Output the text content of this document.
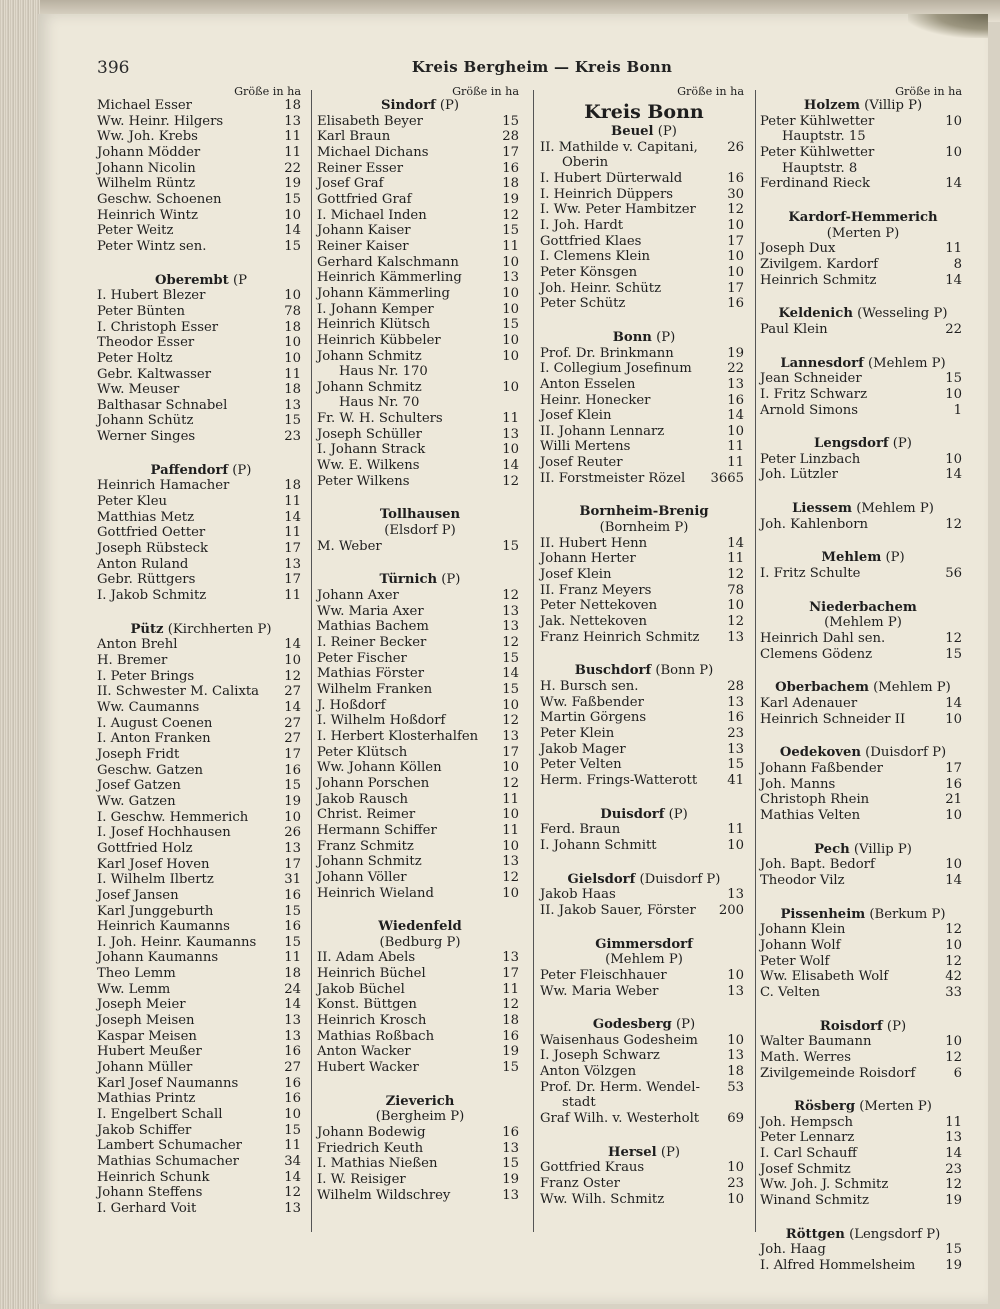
396	Kreis Bergheim — Kreis Bonn
Größe in ha
Michael Esser	18
Ww. Heinr. Hilgers	13
Ww. Joh. Krebs	11
Johann Mödder	11
Johann Nicolin	22
Wilhelm Rüntz	19
Geschw. Schoenen	15
Heinrich Wintz	10
Peter Weitz	14
Peter Wintz sen.	15
Oberembt (P
I. Hubert Blezer	10
Peter Bünten	78
I. Christoph Esser	18
Theodor Esser	10
Peter Holtz	10
Gebr. Kaltwasser	11
Ww. Meuser	18
Balthasar Schnabel	13
Johann Schütz	15
Werner Singes	23
Paffendorf (P)
Heinrich Hamacher	18
Peter Kleu	11
Matthias Metz	14
Gottfried Oetter	11
Joseph Rübsteck	17
Anton Ruland	13
Gebr. Rüttgers	17
I. Jakob Schmitz	11
Pütz (Kirchherten P)
Anton Brehl	14
H. Bremer	10
I. Peter Brings	12
II. Schwester M. Calixta	27
Ww. Caumanns	14
I. August Coenen	27
I. Anton Franken	27
Joseph Fridt	17
Geschw. Gatzen	16
Josef Gatzen	15
Ww. Gatzen	19
I. Geschw. Hemmerich	10
I. Josef Hochhausen	26
Gottfried Holz	13
Karl Josef Hoven	17
I. Wilhelm Ilbertz	31
Josef Jansen	16
Karl Junggeburth	15
Heinrich Kaumanns	16
I. Joh. Heinr. Kaumanns	15
Johann Kaumanns	11
Theo Lemm	18
Ww. Lemm	24
Joseph Meier	14
Joseph Meisen	13
Kaspar Meisen	13
Hubert Meußer	16
Johann Müller	27
Karl Josef Naumanns	16
Mathias Printz	16
I. Engelbert Schall	10
Jakob Schiffer	15
Lambert Schumacher	11
Mathias Schumacher	34
Heinrich Schunk	14
Johann Steffens	12
I. Gerhard Voit	13
Größe in ha
Sindorf (P)
Elisabeth Beyer	15
Karl Braun	28
Michael Dichans	17
Reiner Esser	16
Josef Graf	18
Gottfried Graf	19
I. Michael Inden	12
Johann Kaiser	15
Reiner Kaiser	11
Gerhard Kalschmann	10
Heinrich Kämmerling	13
Johann Kämmerling	10
I. Johann Kemper	10
Heinrich Klütsch	15
Heinrich Kübbeler	10
Johann Schmitz	10
Haus Nr. 170
Johann Schmitz	10
Haus Nr. 70
Fr. W. H. Schulters	11
Joseph Schüller	13
I. Johann Strack	10
Ww. E. Wilkens	14
Peter Wilkens	12
Tollhausen
(Elsdorf P)
M. Weber	15
Türnich (P)
Johann Axer	12
Ww. Maria Axer	13
Mathias Bachem	13
I. Reiner Becker	12
Peter Fischer	15
Mathias Förster	14
Wilhelm Franken	15
J. Hoßdorf	10
I. Wilhelm Hoßdorf	12
I. Herbert Klosterhalfen	13
Peter Klütsch	17
Ww. Johann Köllen	10
Johann Porschen	12
Jakob Rausch	11
Christ. Reimer	10
Hermann Schiffer	11
Franz Schmitz	10
Johann Schmitz	13
Johann Völler	12
Heinrich Wieland	10
Wiedenfeld
(Bedburg P)
II. Adam Abels	13
Heinrich Büchel	17
Jakob Büchel	11
Konst. Büttgen	12
Heinrich Krosch	18
Mathias Roßbach	16
Anton Wacker	19
Hubert Wacker	15
Zieverich
(Bergheim P)
Johann Bodewig	16
Friedrich Keuth	13
I. Mathias Nießen	15
I. W. Reisiger	19
Wilhelm Wildschrey	13
Größe in ha
Kreis Bonn
Beuel (P)
II. Mathilde v. Capitani,	26
Oberin
I. Hubert Dürterwald	16
I. Heinrich Düppers	30
I. Ww. Peter Hambitzer	12
I. Joh. Hardt	10
Gottfried Klaes	17
I. Clemens Klein	10
Peter Könsgen	10
Joh. Heinr. Schütz	17
Peter Schütz	16
Bonn (P)
Prof. Dr. Brinkmann	19
I. Collegium Josefinum	22
Anton Esselen	13
Heinr. Honecker	16
Josef Klein	14
II. Johann Lennarz	10
Willi Mertens	11
Josef Reuter	11
II. Forstmeister Rözel	3665
Bornheim-Brenig
(Bornheim P)
II. Hubert Henn	14
Johann Herter	11
Josef Klein	12
II. Franz Meyers	78
Peter Nettekoven	10
Jak. Nettekoven	12
Franz Heinrich Schmitz	13
Buschdorf (Bonn P)
H. Bursch sen.	28
Ww. Faßbender	13
Martin Görgens	16
Peter Klein	23
Jakob Mager	13
Peter Velten	15
Herm. Frings-Watterott	41
Duisdorf (P)
Ferd. Braun	11
I. Johann Schmitt	10
Gielsdorf (Duisdorf P)
Jakob Haas	13
II. Jakob Sauer, Förster	200
Gimmersdorf
(Mehlem P)
Peter Fleischhauer	10
Ww. Maria Weber	13
Godesberg (P)
Waisenhaus Godesheim	10
I. Joseph Schwarz	13
Anton Völzgen	18
Prof. Dr. Herm. Wendel-	53
stadt
Graf Wilh. v. Westerholt	69
Hersel (P)
Gottfried Kraus	10
Franz Oster	23
Ww. Wilh. Schmitz	10
Größe in ha
Holzem (Villip P)
Peter Kühlwetter	10
Hauptstr. 15
Peter Kühlwetter	10
Hauptstr. 8
Ferdinand Rieck	14
Kardorf-Hemmerich
(Merten P)
Joseph Dux	11
Zivilgem. Kardorf	8
Heinrich Schmitz	14
Keldenich (Wesseling P)
Paul Klein	22
Lannesdorf (Mehlem P)
Jean Schneider	15
I. Fritz Schwarz	10
Arnold Simons	1
Lengsdorf (P)
Peter Linzbach	10
Joh. Lützler	14
Liessem (Mehlem P)
Joh. Kahlenborn	12
Mehlem (P)
I. Fritz Schulte	56
Niederbachem
(Mehlem P)
Heinrich Dahl sen.	12
Clemens Gödenz	15
Oberbachem (Mehlem P)
Karl Adenauer	14
Heinrich Schneider II	10
Oedekoven (Duisdorf P)
Johann Faßbender	17
Joh. Manns	16
Christoph Rhein	21
Mathias Velten	10
Pech (Villip P)
Joh. Bapt. Bedorf	10
Theodor Vilz	14
Pissenheim (Berkum P)
Johann Klein	12
Johann Wolf	10
Peter Wolf	12
Ww. Elisabeth Wolf	42
C. Velten	33
Roisdorf (P)
Walter Baumann	10
Math. Werres	12
Zivilgemeinde Roisdorf	6
Rösberg (Merten P)
Joh. Hempsch	11
Peter Lennarz	13
I. Carl Schauff	14
Josef Schmitz	23
Ww. Joh. J. Schmitz	12
Winand Schmitz	19
Röttgen (Lengsdorf P)
Joh. Haag	15
I. Alfred Hommelsheim	19
